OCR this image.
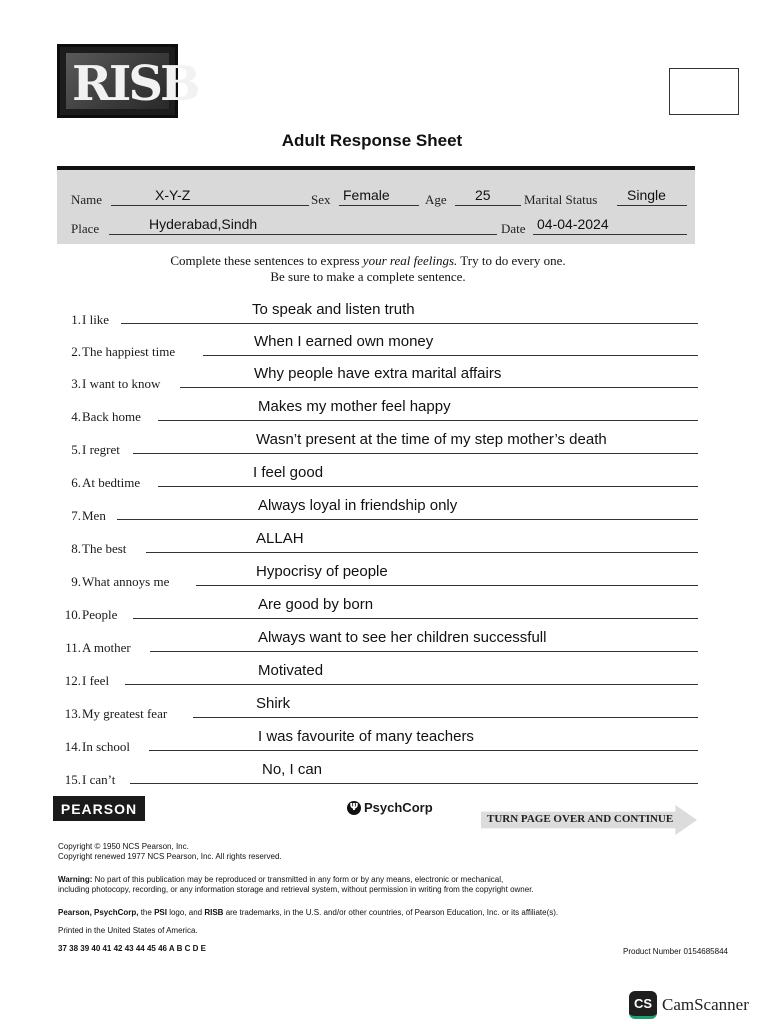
RISB
Adult Response Sheet
Name	X-Y-Z	Sex Female	Age 25	Marital Status Single
Place	Hyderabad,Sindh	Date 04-04-2024
Complete these sentences to express your real feelings. Try to do every one.
Be sure to make a complete sentence.
1. I like
To speak and listen truth
2. The happiest time
When I earned own money
3. I want to know
Why people have extra marital affairs
4. Back home
Makes my mother feel happy
5. I regret
Wasn’t present at the time of my step mother’s death
6. At bedtime
I feel good
7. Men
Always loyal in friendship only
8. The best
ALLAH
9. What annoys me
Hypocrisy of people
10. People
Are good by born
11. A mother
Always want to see her children successfull
12. I feel
Motivated
13. My greatest fear
Shirk
14. In school
I was favourite of many teachers
15. I can’t
No, I can
PEARSON	Ψ PsychCorp
TURN PAGE OVER AND CONTINUE
Copyright © 1950 NCS Pearson, Inc.
Copyright renewed 1977 NCS Pearson, Inc. All rights reserved.
Warning: No part of this publication may be reproduced or transmitted in any form or by any means, electronic or mechanical,
including photocopy, recording, or any information storage and retrieval system, without permission in writing from the copyright owner.
Pearson, PsychCorp, the PSI logo, and RISB are trademarks, in the U.S. and/or other countries, of Pearson Education, Inc. or its affiliate(s).
Printed in the United States of America.
37 38 39 40 41 42 43 44 45 46 A B C D E	Product Number 0154685844
CS CamScanner
